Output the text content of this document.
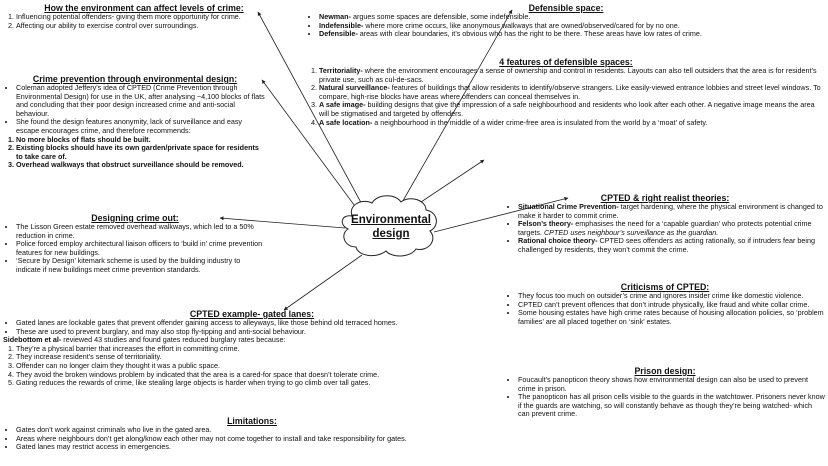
Environmental
design
How the environment can affect levels of crime:
1. Influencing potential offenders- giving them more opportunity for crime.
2. Affecting our ability to exercise control over surroundings.
Crime prevention through environmental design:
• Coleman adopted Jeffery’s idea of CPTED (Crime Prevention through Environmental Design) for use in the UK, after analysing ~4,100 blocks of flats and concluding that their poor design increased crime and anti-social behaviour.
• She found the design features anonymity, lack of surveillance and easy escape encourages crime, and therefore recommends:
1. No more blocks of flats should be built.
2. Existing blocks should have its own garden/private space for residents to take care of.
3. Overhead walkways that obstruct surveillance should be removed.
Designing crime out:
• The Lisson Green estate removed overhead walkways, which led to a 50% reduction in crime.
• Police forced employ architectural liaison officers to ‘build in’ crime prevention features for new buildings.
• ‘Secure by Design’ kitemark scheme is used by the building industry to indicate if new buildings meet crime prevention standards.
CPTED example- gated lanes:
• Gated lanes are lockable gates that prevent offender gaining access to alleyways, like those behind old terraced homes.
• These are used to prevent burglary, and may also stop fly-tipping and anti-social behaviour.
Sidebottom et al- reviewed 43 studies and found gates reduced burglary rates because:
1. They’re a physical barrier that increases the effort in committing crime.
2. They increase resident’s sense of territoriality.
3. Offender can no longer claim they thought it was a public space.
4. They avoid the broken windows problem by indicated that the area is a cared-for space that doesn’t tolerate crime.
5. Gating reduces the rewards of crime, like stealing large objects is harder when trying to go climb over tall gates.
Limitations:
• Gates don’t work against criminals who live in the gated area.
• Areas where neighbours don’t get along/know each other may not come together to install and take responsibility for gates.
• Gated lanes may restrict access in emergencies.
Defensible space:
• Newman- argues some spaces are defensible, some indefensible.
• Indefensible- where more crime occurs, like anonymous walkways that are owned/observed/cared for by no one.
• Defensible- areas with clear boundaries, it’s obvious who has the right to be there. These areas have low rates of crime.
4 features of defensible spaces:
1. Territoriality- where the environment encourages a sense of ownership and control in residents. Layouts can also tell outsiders that the area is for resident’s private use, such as cul-de-sacs.
2. Natural surveillance- features of buildings that allow residents to identify/observe strangers. Like easily-viewed entrance lobbies and street level windows. To compare, high-rise blocks have areas where offenders can conceal themselves in.
3. A safe image- building designs that give the impression of a safe neighbourhood and residents who look after each other. A negative image means the area will be stigmatised and targeted by offenders.
4. A safe location- a neighbourhood in the middle of a wider crime-free area is insulated from the world by a ‘moat’ of safety.
CPTED & right realist theories:
• Situational Crime Prevention- target hardening, where the physical environment is changed to make it harder to commit crime.
• Felson’s theory- emphasises the need for a ‘capable guardian’ who protects potential crime targets. CPTED uses neighbour’s surveillance as the guardian.
• Rational choice theory- CPTED sees offenders as acting rationally, so if intruders fear being challenged by residents, they won’t commit the crime.
Criticisms of CPTED:
• They focus too much on outsider’s crime and ignores insider crime like domestic violence.
• CPTED can’t prevent offences that don’t intrude physically, like fraud and white collar crime.
• Some housing estates have high crime rates because of housing allocation policies, so ‘problem families’ are all placed together on ‘sink’ estates.
Prison design:
• Foucault’s panopticon theory shows how environmental design can also be used to prevent crime in prison.
• The panopticon has all prison cells visible to the guards in the watchtower. Prisoners never know if the guards are watching, so will constantly behave as though they’re being watched- which can prevent crime.
